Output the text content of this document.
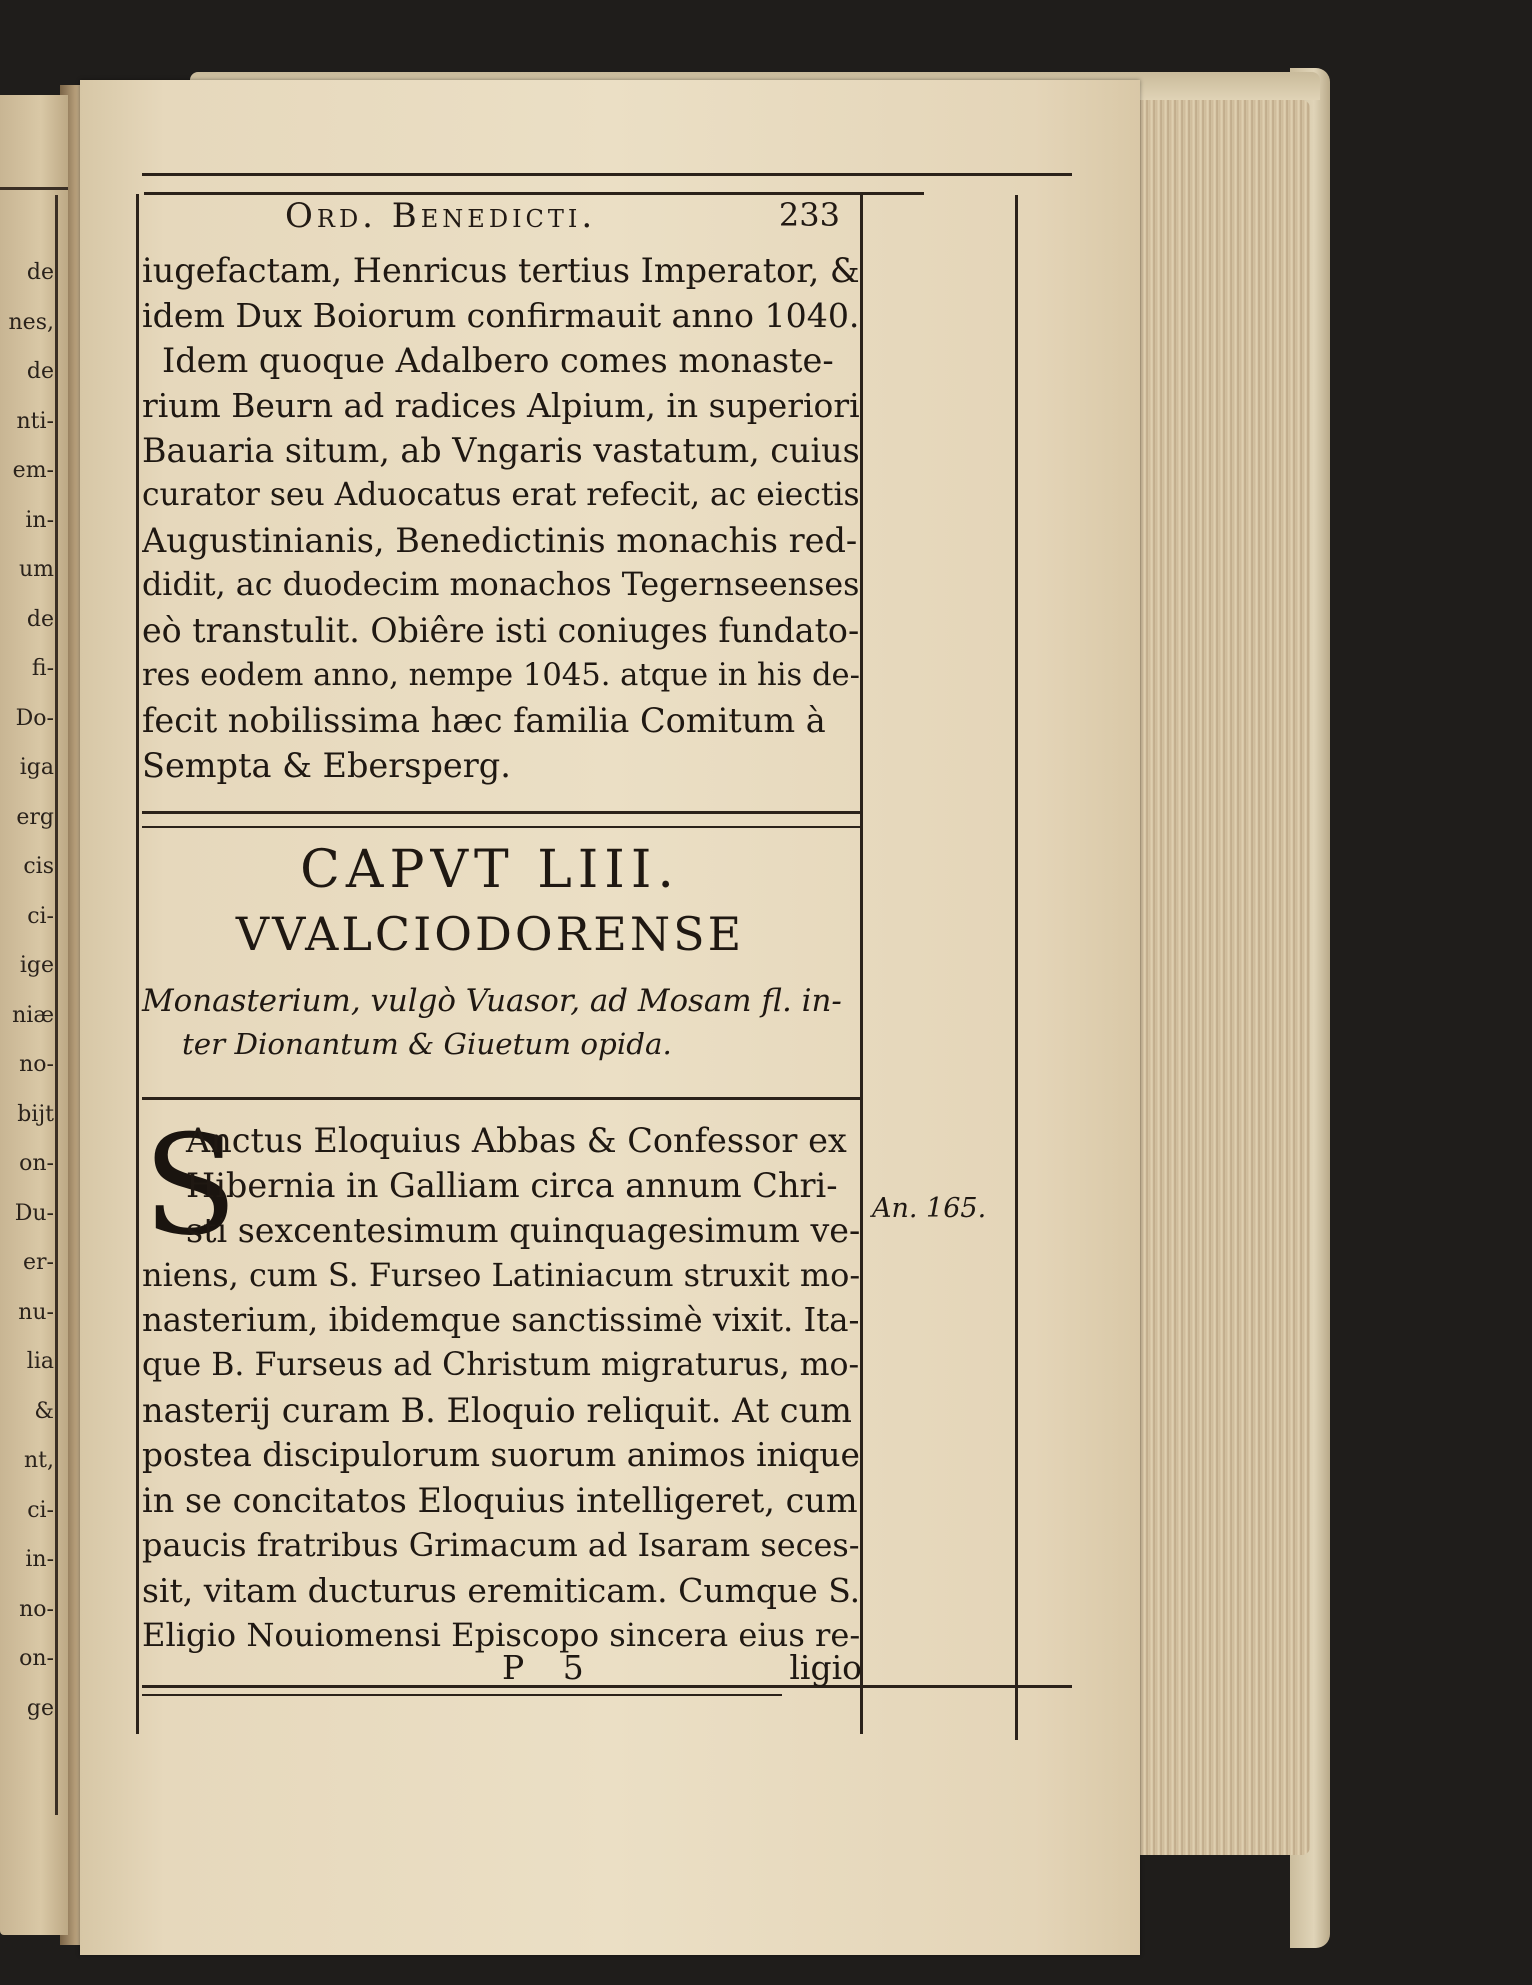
de
nes,
de
nti-
em-
in-
um
de
fi-
Do-
iga
erg
cis
ci-
ige
niæ
no-
bijt
on-
Du-
er-
nu-
lia
&
nt,
ci-
in-
no-
on-
ge
Ord. Benedicti.	233
iugefactam, Henricus tertius Imperator, &
idem Dux Boiorum confirmauit anno 1040.
Idem quoque Adalbero comes monaste-
rium Beurn ad radices Alpium, in superiori
Bauaria situm, ab Vngaris vastatum, cuius
curator seu Aduocatus erat refecit, ac eiectis
Augustinianis, Benedictinis monachis red-
didit, ac duodecim monachos Tegernseenses
eò transtulit. Obiêre isti coniuges fundato-
res eodem anno, nempe 1045. atque in his de-
fecit nobilissima hæc familia Comitum à
Sempta & Ebersperg.
CAPVT LIII.
VVALCIODORENSE
Monasterium, vulgò Vuasor, ad Mosam fl. in-
ter Dionantum & Giuetum opida.
S
Anctus Eloquius Abbas & Confessor ex
Hibernia in Galliam circa annum Chri-
sti sexcentesimum quinquagesimum ve-
niens, cum S. Furseo Latiniacum struxit mo-
nasterium, ibidemque sanctissimè vixit. Ita-
que B. Furseus ad Christum migraturus, mo-
nasterij curam B. Eloquio reliquit. At cum
postea discipulorum suorum animos inique
in se concitatos Eloquius intelligeret, cum
paucis fratribus Grimacum ad Isaram seces-
sit, vitam ducturus eremiticam. Cumque S.
Eligio Nouiomensi Episcopo sincera eius re-
An. 165.
P 5	ligio
